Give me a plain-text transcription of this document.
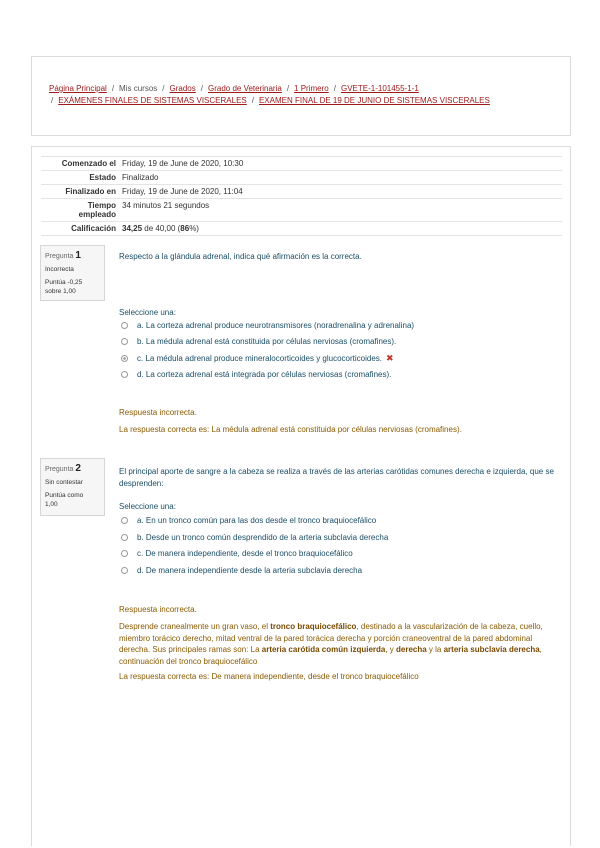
Página Principal / Mis cursos / Grados / Grado de Veterinaria / 1 Primero / GVETE-1-101455-1-1
/ EXÁMENES FINALES DE SISTEMAS VISCERALES / EXAMEN FINAL DE 19 DE JUNIO DE SISTEMAS VISCERALES
Comenzado el	Friday, 19 de June de 2020, 10:30
Estado	Finalizado
Finalizado en	Friday, 19 de June de 2020, 11:04
Tiempo
empleado	34 minutos 21 segundos
Calificación	34,25 de 40,00 (86%)
Pregunta 1
Incorrecta
Puntúa -0,25
sobre 1,00
Respecto a la glándula adrenal, indica qué afirmación es la correcta.
Seleccione una:
a. La corteza adrenal produce neurotransmisores (noradrenalina y adrenalina)
b. La médula adrenal está constituida por células nerviosas (cromafines).
c. La médula adrenal produce mineralocorticoides y glucocorticoides. ✖
d. La corteza adrenal está integrada por células nerviosas (cromafines).
Respuesta incorrecta.
La respuesta correcta es: La médula adrenal está constituida por células nerviosas (cromafines).
Pregunta 2
Sin contestar
Puntúa como
1,00
El principal aporte de sangre a la cabeza se realiza a través de las arterias carótidas comunes derecha e izquierda, que se desprenden:
Seleccione una:
a. En un tronco común para las dos desde el tronco braquiocefálico
b. Desde un tronco común desprendido de la arteria subclavia derecha
c. De manera independiente, desde el tronco braquiocefálico
d. De manera independiente desde la arteria subclavia derecha
Respuesta incorrecta.
Desprende cranealmente un gran vaso, el tronco braquiocefálico, destinado a la vascularización de la cabeza, cuello, miembro torácico derecho, mitad ventral de la pared torácica derecha y porción craneoventral de la pared abdominal derecha. Sus principales ramas son: La arteria carótida común izquierda, y derecha y la arteria subclavia derecha, continuación del tronco braquiocefálico
La respuesta correcta es: De manera independiente, desde el tronco braquiocefálico
